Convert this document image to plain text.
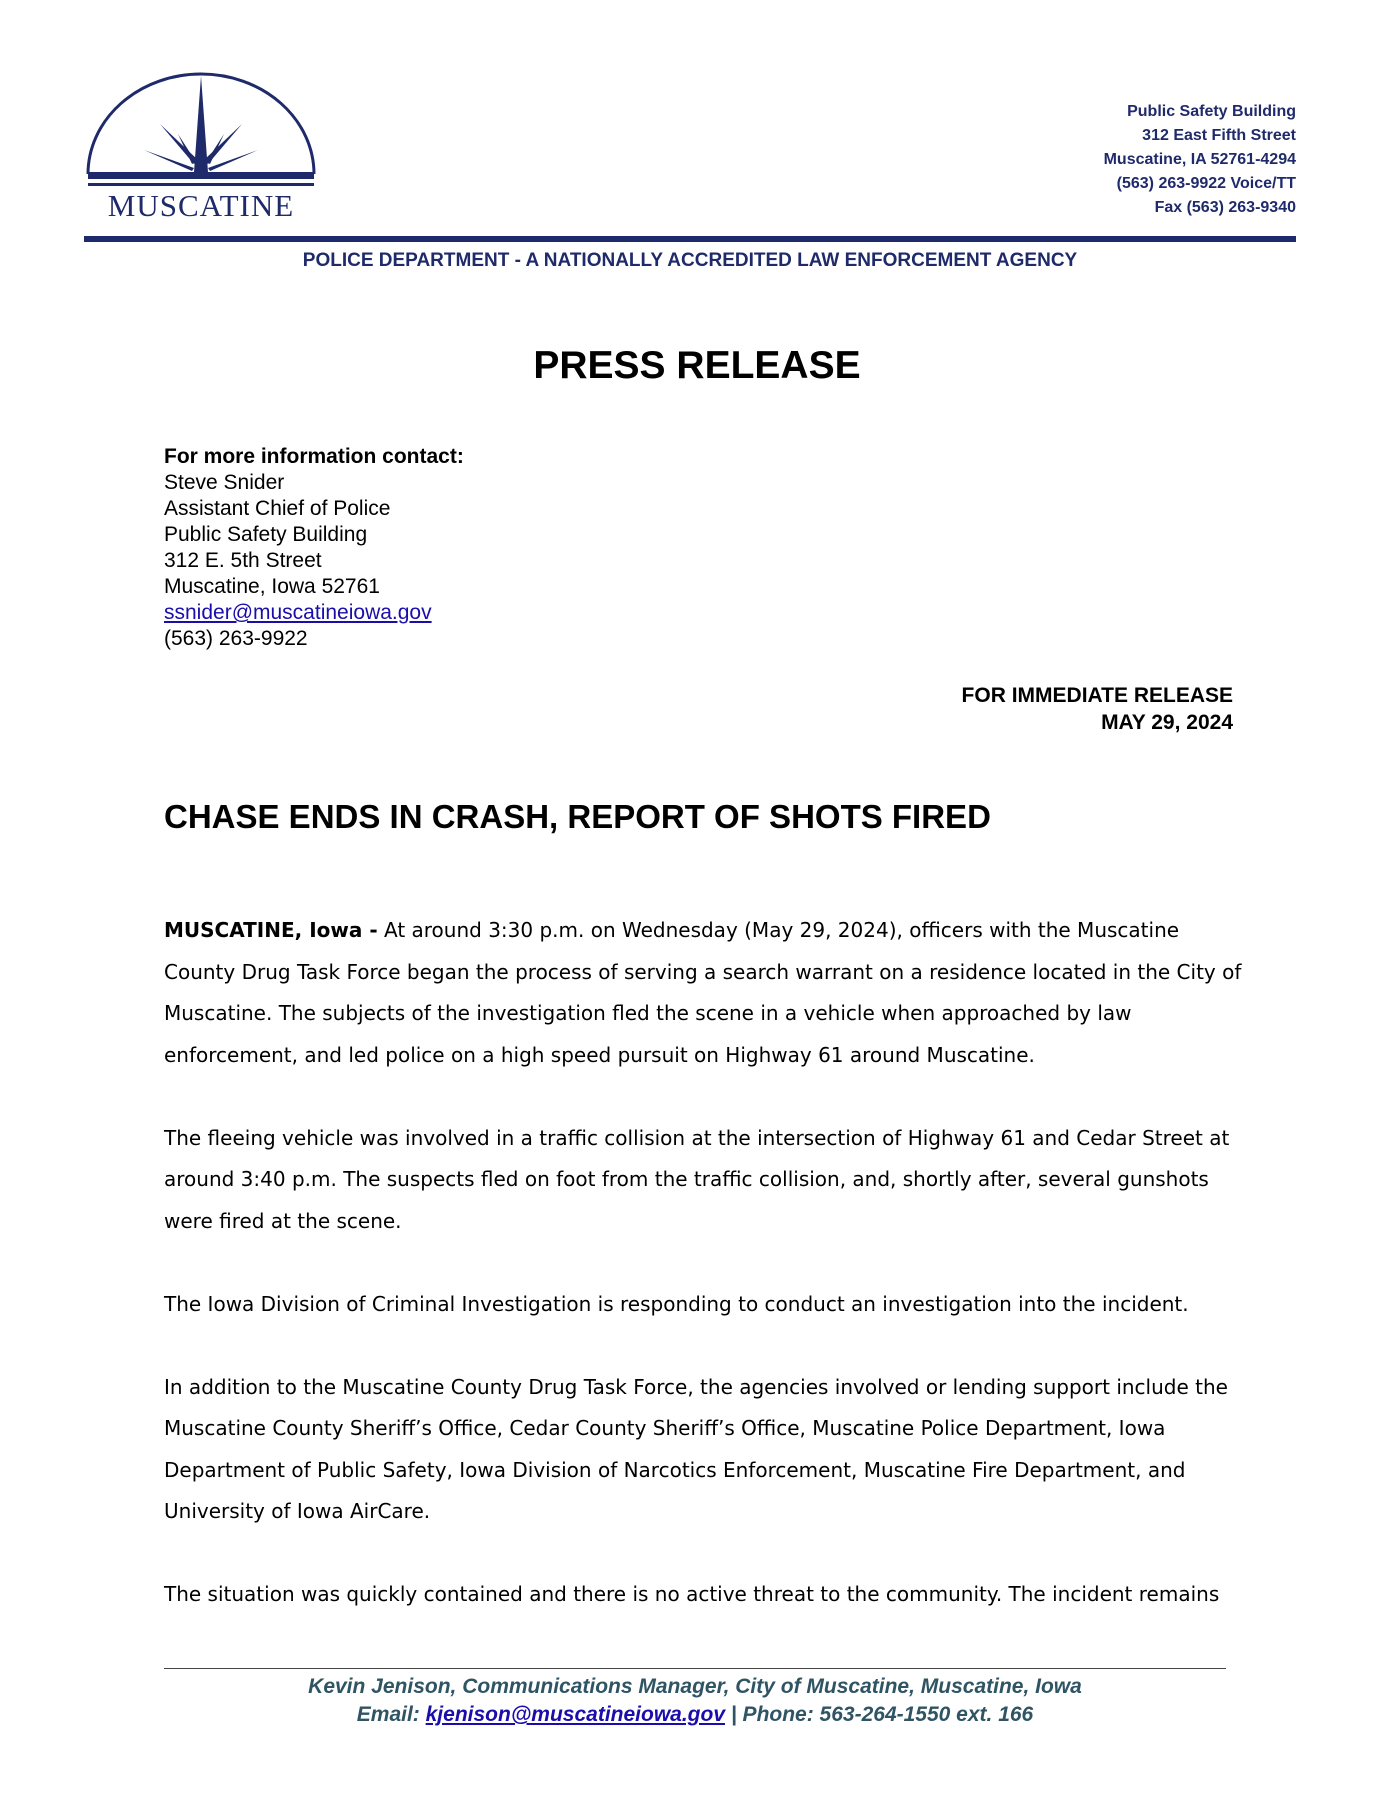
MUSCATINE
Public Safety Building
312 East Fifth Street
Muscatine, IA 52761-4294
(563) 263-9922 Voice/TT
Fax (563) 263-9340
POLICE DEPARTMENT - A NATIONALLY ACCREDITED LAW ENFORCEMENT AGENCY
PRESS RELEASE
For more information contact:
Steve Snider
Assistant Chief of Police
Public Safety Building
312 E. 5th Street
Muscatine, Iowa 52761
ssnider@muscatineiowa.gov
(563) 263-9922
FOR IMMEDIATE RELEASE
MAY 29, 2024
CHASE ENDS IN CRASH, REPORT OF SHOTS FIRED

MUSCATINE, Iowa - At around 3:30 p.m. on Wednesday (May 29, 2024), officers with the Muscatine County Drug Task Force began the process of serving a search warrant on a residence located in the City of Muscatine. The subjects of the investigation fled the scene in a vehicle when approached by law enforcement, and led police on a high speed pursuit on Highway 61 around Muscatine.

The fleeing vehicle was involved in a traffic collision at the intersection of Highway 61 and Cedar Street at around 3:40 p.m. The suspects fled on foot from the traffic collision, and, shortly after, several gunshots were fired at the scene.

The Iowa Division of Criminal Investigation is responding to conduct an investigation into the incident.

In addition to the Muscatine County Drug Task Force, the agencies involved or lending support include the Muscatine County Sheriff’s Office, Cedar County Sheriff’s Office, Muscatine Police Department, Iowa Department of Public Safety, Iowa Division of Narcotics Enforcement, Muscatine Fire Department, and University of Iowa AirCare.

The situation was quickly contained and there is no active threat to the community. The incident remains

Kevin Jenison, Communications Manager, City of Muscatine, Muscatine, Iowa
Email: kjenison@muscatineiowa.gov | Phone: 563-264-1550 ext. 166
